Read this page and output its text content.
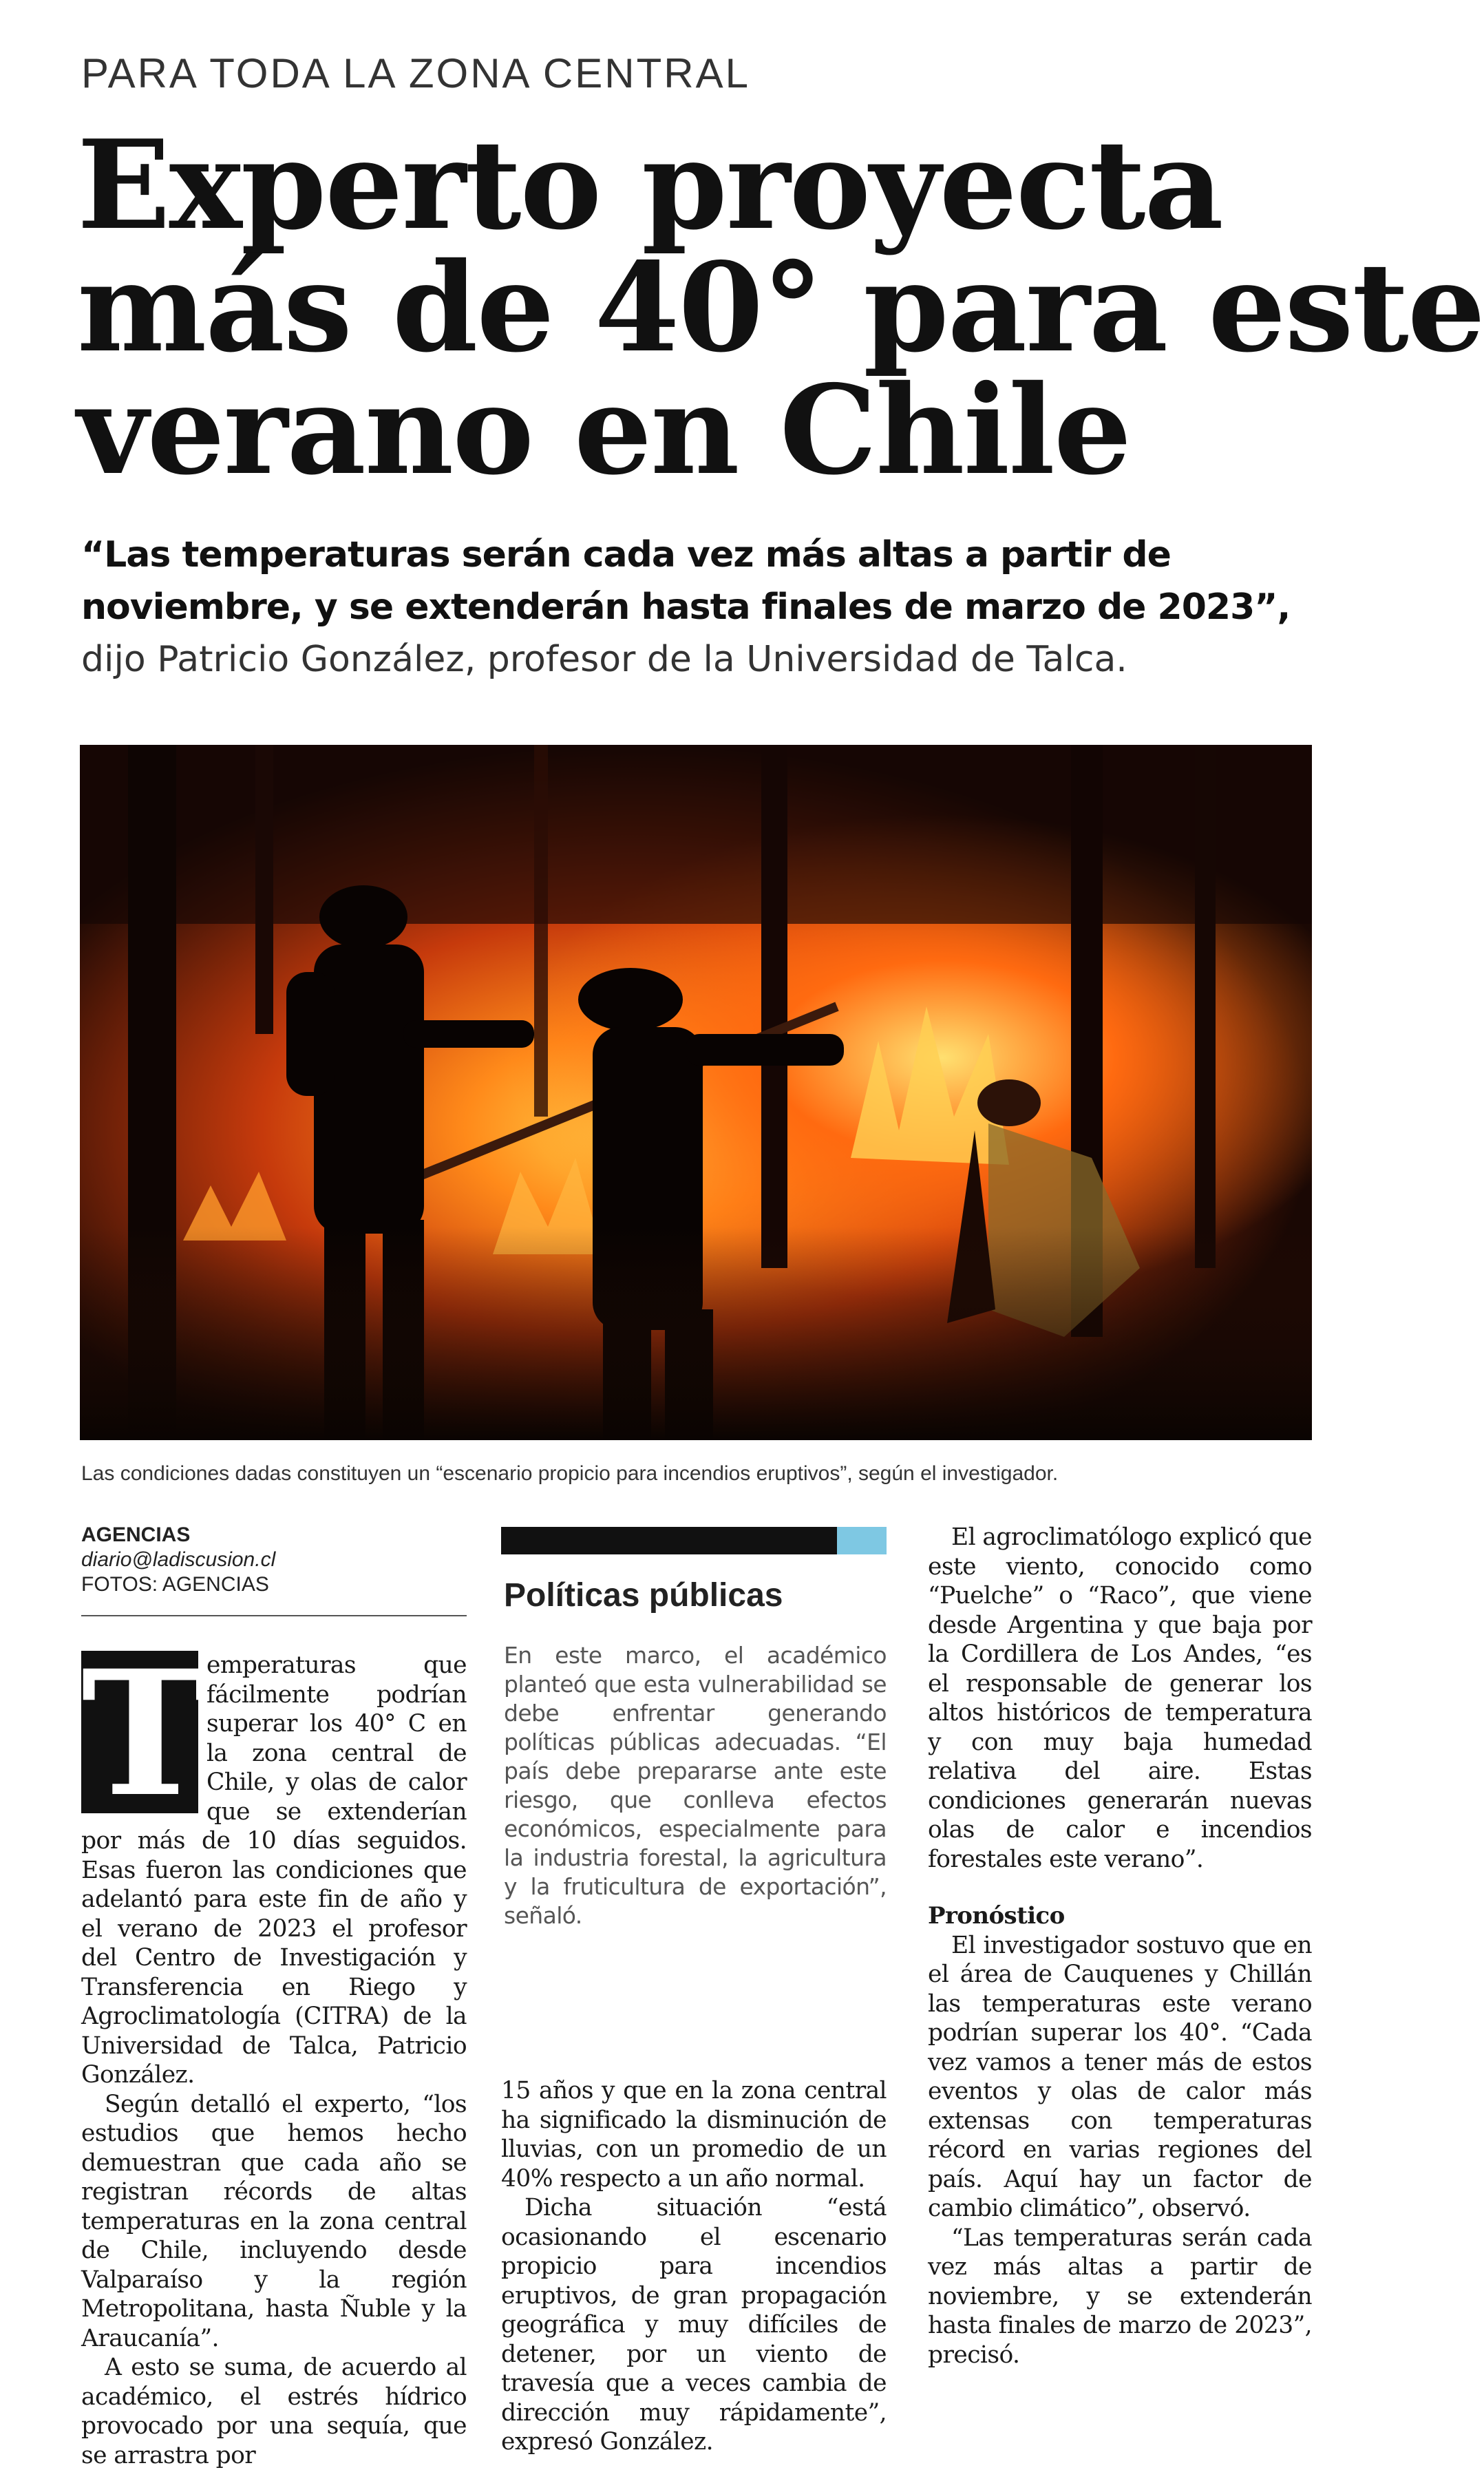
PARA TODA LA ZONA CENTRAL
Experto proyecta
más de 40° para este
verano en Chile
“Las temperaturas serán cada vez más altas a partir de noviembre, y se extenderán hasta finales de marzo de 2023”, dijo Patricio González, profesor de la Universidad de Talca.
Las condiciones dadas constituyen un “escenario propicio para incendios eruptivos”, según el investigador.
AGENCIAS
diario@ladiscusion.cl
FOTOS: AGENCIAS

T
emperaturas que fácilmente podrían superar los 40° C en la zona central de Chile, y olas de calor que se extenderían por más de 10 días seguidos. Esas fueron las condiciones que adelantó para este fin de año y el verano de 2023 el profesor del Centro de Investigación y Transferencia en Riego y Agroclimatología (CITRA) de la Universidad de Talca, Patricio González.

Según detalló el experto, “los estudios que hemos hecho demuestran que cada año se registran récords de altas temperaturas en la zona central de Chile, incluyendo desde Valparaíso y la región Metropolitana, hasta Ñuble y la Araucanía”.

A esto se suma, de acuerdo al académico, el estrés hídrico provocado por una sequía, que se arrastra por

Políticas públicas
En este marco, el académico planteó que esta vulnerabilidad se debe enfrentar generando políticas públicas adecuadas. “El país debe prepararse ante este riesgo, que conlleva efectos económicos, especialmente para la industria forestal, la agricultura y la fruticultura de exportación”, señaló.

15 años y que en la zona central ha significado la disminución de lluvias, con un promedio de un 40% respecto a un año normal.

Dicha situación “está ocasionando el escenario propicio para incendios eruptivos, de gran propagación geográfica y muy difíciles de detener, por un viento de travesía que a veces cambia de dirección muy rápidamente”, expresó González.

El agroclimatólogo explicó que este viento, conocido como “Puelche” o “Raco”, que viene desde Argentina y que baja por la Cordillera de Los Andes, “es el responsable de generar los altos históricos de temperatura y con muy baja humedad relativa del aire. Estas condiciones generarán nuevas olas de calor e incendios forestales este verano”.

Pronóstico

El investigador sostuvo que en el área de Cauquenes y Chillán las temperaturas este verano podrían superar los 40°. “Cada vez vamos a tener más de estos eventos y olas de calor más extensas con temperaturas récord en varias regiones del país. Aquí hay un factor de cambio climático”, observó.

“Las temperaturas serán cada vez más altas a partir de noviembre, y se extenderán hasta finales de marzo de 2023”, precisó.
